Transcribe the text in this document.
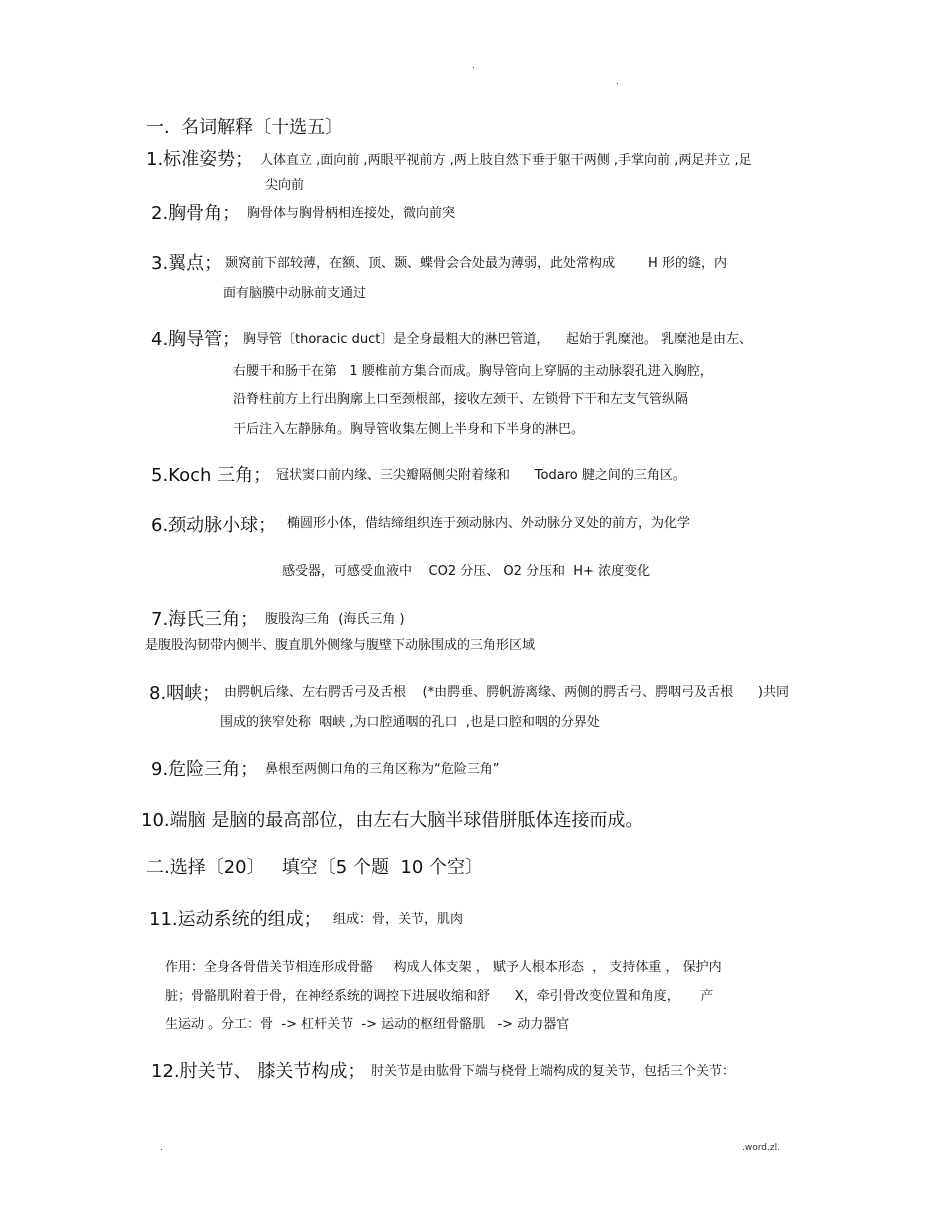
.
.
一.  名词解释〔十选五〕
1.标准姿势； 人体直立 ,面向前 ,两眼平视前方 ,两上肢自然下垂于躯干两侧 ,手掌向前 ,两足并立 ,足
尖向前
2.胸骨角； 胸骨体与胸骨柄相连接处，微向前突
3.翼点； 颞窝前下部较薄，在额、顶、颞、蝶骨会合处最为薄弱，此处常构成        H 形的缝，内
面有脑膜中动脉前支通过
4.胸导管； 胸导管〔thoracic duct〕是全身最粗大的淋巴管道，    起始于乳糜池。 乳糜池是由左、
右腰干和肠干在第   1 腰椎前方集合而成。胸导管向上穿膈的主动脉裂孔进入胸腔，
沿脊柱前方上行出胸廓上口至颈根部，接收左颈干、左锁骨下干和左支气管纵隔
干后注入左静脉角。胸导管收集左侧上半身和下半身的淋巴。
5.Koch 三角； 冠状窦口前内缘、三尖瓣隔侧尖附着缘和      Todaro 腱之间的三角区。
6.颈动脉小球； 椭圆形小体，借结缔组织连于颈动脉内、外动脉分叉处的前方，为化学
感受器，可感受血液中    CO2 分压、 O2 分压和  H+ 浓度变化
7.海氏三角； 腹股沟三角  (海氏三角 )
是腹股沟韧带内侧半、腹直肌外侧缘与腹壁下动脉围成的三角形区域
8.咽峡； 由腭帆后缘、左右腭舌弓及舌根    (*由腭垂、腭帆游离缘、两侧的腭舌弓、腭咽弓及舌根      )共同
围成的狭窄处称  咽峡 ,为口腔通咽的孔口  ,也是口腔和咽的分界处
9.危险三角； 鼻根至两侧口角的三角区称为“危险三角”
10.端脑 是脑的最高部位，由左右大脑半球借胼胝体连接而成。
二.选择〔20〕   填空〔5 个题  10 个空〕
11.运动系统的组成； 组成：骨，关节，肌肉
作用：全身各骨借关节相连形成骨骼     构成人体支架 ， 赋予人根本形态  ， 支持体重 ， 保护内
脏；骨骼肌附着于骨，在神经系统的调控下进展收缩和舒      X，牵引骨改变位置和角度，     产
生运动 。分工：骨  -> 杠杆关节  -> 运动的枢纽骨骼肌   -> 动力器官
12.肘关节、 膝关节构成； 肘关节是由肱骨下端与桡骨上端构成的复关节，包括三个关节：
.	.word.zl.
